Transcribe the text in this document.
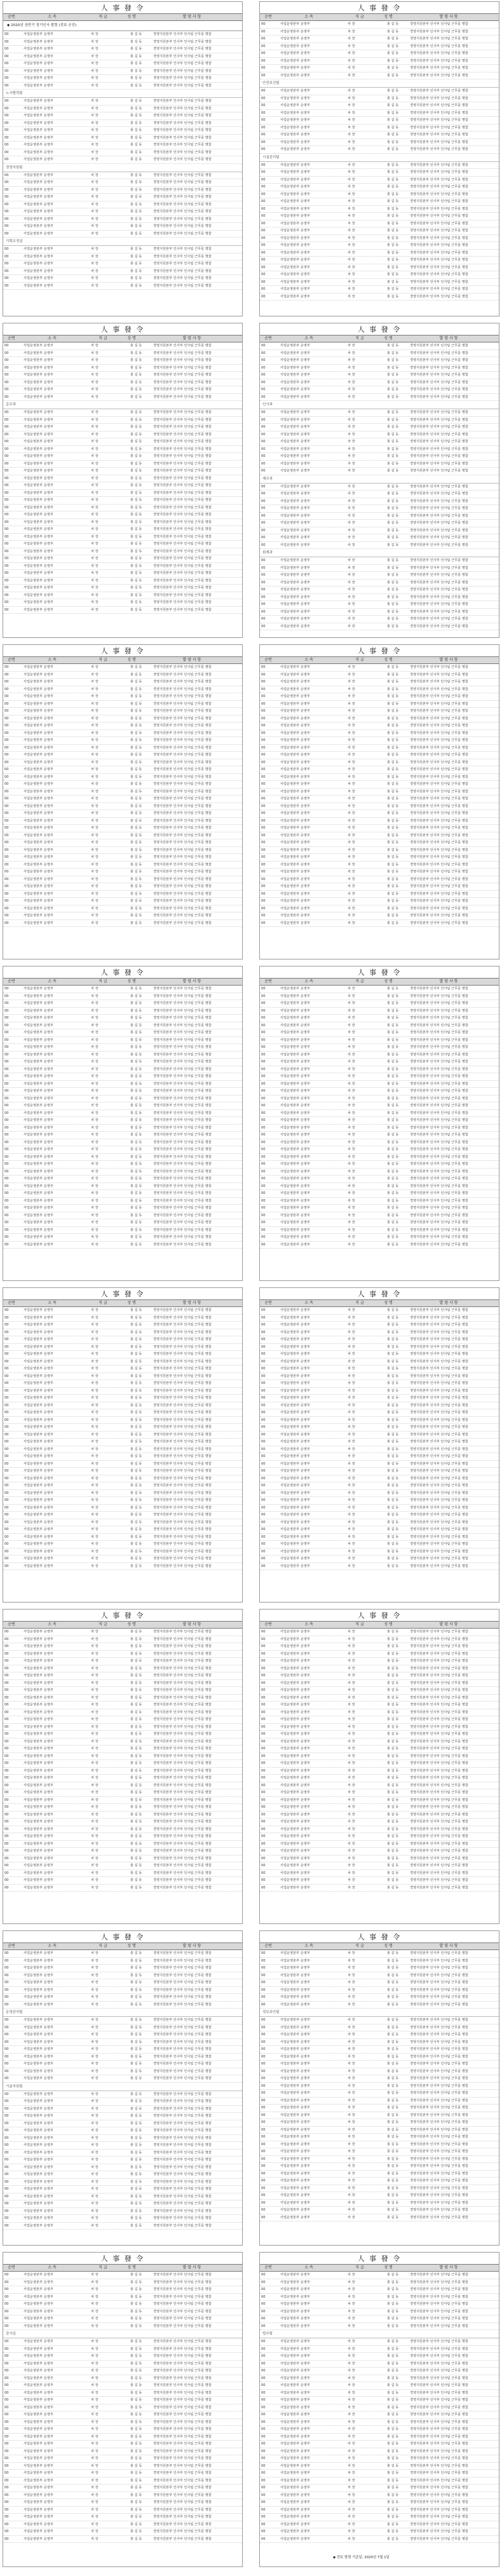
人 事 發 令
순번	소 속	직 급	성 명	발 령 사 항
◆ 2020년 상반기 정기인사 발령 (전보·승진)
00	사업운영본부 운영부	차 장	홍 길 동	경영지원본부 인사부 인사팀 근무를 명함
00	사업운영본부 운영부	차 장	홍 길 동	경영지원본부 인사부 인사팀 근무를 명함
00	사업운영본부 운영부	차 장	홍 길 동	경영지원본부 인사부 인사팀 근무를 명함
00	사업운영본부 운영부	차 장	홍 길 동	경영지원본부 인사부 인사팀 근무를 명함
00	사업운영본부 운영부	차 장	홍 길 동	경영지원본부 인사부 인사팀 근무를 명함
00	사업운영본부 운영부	차 장	홍 길 동	경영지원본부 인사부 인사팀 근무를 명함
00	사업운영본부 운영부	차 장	홍 길 동	경영지원본부 인사부 인사팀 근무를 명함
00	사업운영본부 운영부	차 장	홍 길 동	경영지원본부 인사부 인사팀 근무를 명함
노사협력팀
00	사업운영본부 운영부	차 장	홍 길 동	경영지원본부 인사부 인사팀 근무를 명함
00	사업운영본부 운영부	차 장	홍 길 동	경영지원본부 인사부 인사팀 근무를 명함
00	사업운영본부 운영부	차 장	홍 길 동	경영지원본부 인사부 인사팀 근무를 명함
00	사업운영본부 운영부	차 장	홍 길 동	경영지원본부 인사부 인사팀 근무를 명함
00	사업운영본부 운영부	차 장	홍 길 동	경영지원본부 인사부 인사팀 근무를 명함
00	사업운영본부 운영부	차 장	홍 길 동	경영지원본부 인사부 인사팀 근무를 명함
00	사업운영본부 운영부	차 장	홍 길 동	경영지원본부 인사부 인사팀 근무를 명함
00	사업운영본부 운영부	차 장	홍 길 동	경영지원본부 인사부 인사팀 근무를 명함
00	사업운영본부 운영부	차 장	홍 길 동	경영지원본부 인사부 인사팀 근무를 명함
경영지원팀
00	사업운영본부 운영부	차 장	홍 길 동	경영지원본부 인사부 인사팀 근무를 명함
00	사업운영본부 운영부	차 장	홍 길 동	경영지원본부 인사부 인사팀 근무를 명함
00	사업운영본부 운영부	차 장	홍 길 동	경영지원본부 인사부 인사팀 근무를 명함
00	사업운영본부 운영부	차 장	홍 길 동	경영지원본부 인사부 인사팀 근무를 명함
00	사업운영본부 운영부	차 장	홍 길 동	경영지원본부 인사부 인사팀 근무를 명함
00	사업운영본부 운영부	차 장	홍 길 동	경영지원본부 인사부 인사팀 근무를 명함
00	사업운영본부 운영부	차 장	홍 길 동	경영지원본부 인사부 인사팀 근무를 명함
00	사업운영본부 운영부	차 장	홍 길 동	경영지원본부 인사부 인사팀 근무를 명함
00	사업운영본부 운영부	차 장	홍 길 동	경영지원본부 인사부 인사팀 근무를 명함
기획조정실
00	사업운영본부 운영부	차 장	홍 길 동	경영지원본부 인사부 인사팀 근무를 명함
00	사업운영본부 운영부	차 장	홍 길 동	경영지원본부 인사부 인사팀 근무를 명함
00	사업운영본부 운영부	차 장	홍 길 동	경영지원본부 인사부 인사팀 근무를 명함
00	사업운영본부 운영부	차 장	홍 길 동	경영지원본부 인사부 인사팀 근무를 명함
00	사업운영본부 운영부	차 장	홍 길 동	경영지원본부 인사부 인사팀 근무를 명함
00	사업운영본부 운영부	차 장	홍 길 동	경영지원본부 인사부 인사팀 근무를 명함
人 事 發 令
순번	소 속	직 급	성 명	발 령 사 항
00	사업운영본부 운영부	차 장	홍 길 동	경영지원본부 인사부 인사팀 근무를 명함
00	사업운영본부 운영부	차 장	홍 길 동	경영지원본부 인사부 인사팀 근무를 명함
00	사업운영본부 운영부	차 장	홍 길 동	경영지원본부 인사부 인사팀 근무를 명함
00	사업운영본부 운영부	차 장	홍 길 동	경영지원본부 인사부 인사팀 근무를 명함
00	사업운영본부 운영부	차 장	홍 길 동	경영지원본부 인사부 인사팀 근무를 명함
00	사업운영본부 운영부	차 장	홍 길 동	경영지원본부 인사부 인사팀 근무를 명함
00	사업운영본부 운영부	차 장	홍 길 동	경영지원본부 인사부 인사팀 근무를 명함
00	사업운영본부 운영부	차 장	홍 길 동	경영지원본부 인사부 인사팀 근무를 명함
안전보건팀
00	사업운영본부 운영부	차 장	홍 길 동	경영지원본부 인사부 인사팀 근무를 명함
00	사업운영본부 운영부	차 장	홍 길 동	경영지원본부 인사부 인사팀 근무를 명함
00	사업운영본부 운영부	차 장	홍 길 동	경영지원본부 인사부 인사팀 근무를 명함
00	사업운영본부 운영부	차 장	홍 길 동	경영지원본부 인사부 인사팀 근무를 명함
00	사업운영본부 운영부	차 장	홍 길 동	경영지원본부 인사부 인사팀 근무를 명함
00	사업운영본부 운영부	차 장	홍 길 동	경영지원본부 인사부 인사팀 근무를 명함
00	사업운영본부 운영부	차 장	홍 길 동	경영지원본부 인사부 인사팀 근무를 명함
00	사업운영본부 운영부	차 장	홍 길 동	경영지원본부 인사부 인사팀 근무를 명함
00	사업운영본부 운영부	차 장	홍 길 동	경영지원본부 인사부 인사팀 근무를 명함
시설관리팀
00	사업운영본부 운영부	차 장	홍 길 동	경영지원본부 인사부 인사팀 근무를 명함
00	사업운영본부 운영부	차 장	홍 길 동	경영지원본부 인사부 인사팀 근무를 명함
00	사업운영본부 운영부	차 장	홍 길 동	경영지원본부 인사부 인사팀 근무를 명함
00	사업운영본부 운영부	차 장	홍 길 동	경영지원본부 인사부 인사팀 근무를 명함
00	사업운영본부 운영부	차 장	홍 길 동	경영지원본부 인사부 인사팀 근무를 명함
00	사업운영본부 운영부	차 장	홍 길 동	경영지원본부 인사부 인사팀 근무를 명함
00	사업운영본부 운영부	차 장	홍 길 동	경영지원본부 인사부 인사팀 근무를 명함
00	사업운영본부 운영부	차 장	홍 길 동	경영지원본부 인사부 인사팀 근무를 명함
00	사업운영본부 운영부	차 장	홍 길 동	경영지원본부 인사부 인사팀 근무를 명함
00	사업운영본부 운영부	차 장	홍 길 동	경영지원본부 인사부 인사팀 근무를 명함
00	사업운영본부 운영부	차 장	홍 길 동	경영지원본부 인사부 인사팀 근무를 명함
00	사업운영본부 운영부	차 장	홍 길 동	경영지원본부 인사부 인사팀 근무를 명함
00	사업운영본부 운영부	차 장	홍 길 동	경영지원본부 인사부 인사팀 근무를 명함
00	사업운영본부 운영부	차 장	홍 길 동	경영지원본부 인사부 인사팀 근무를 명함
00	사업운영본부 운영부	차 장	홍 길 동	경영지원본부 인사부 인사팀 근무를 명함
00	사업운영본부 운영부	차 장	홍 길 동	경영지원본부 인사부 인사팀 근무를 명함
00	사업운영본부 운영부	차 장	홍 길 동	경영지원본부 인사부 인사팀 근무를 명함
00	사업운영본부 운영부	차 장	홍 길 동	경영지원본부 인사부 인사팀 근무를 명함
00	사업운영본부 운영부	차 장	홍 길 동	경영지원본부 인사부 인사팀 근무를 명함
人 事 發 令
순번	소 속	직 급	성 명	발 령 사 항
00	사업운영본부 운영부	차 장	홍 길 동	경영지원본부 인사부 인사팀 근무를 명함
00	사업운영본부 운영부	차 장	홍 길 동	경영지원본부 인사부 인사팀 근무를 명함
00	사업운영본부 운영부	차 장	홍 길 동	경영지원본부 인사부 인사팀 근무를 명함
00	사업운영본부 운영부	차 장	홍 길 동	경영지원본부 인사부 인사팀 근무를 명함
00	사업운영본부 운영부	차 장	홍 길 동	경영지원본부 인사부 인사팀 근무를 명함
00	사업운영본부 운영부	차 장	홍 길 동	경영지원본부 인사부 인사팀 근무를 명함
00	사업운영본부 운영부	차 장	홍 길 동	경영지원본부 인사부 인사팀 근무를 명함
00	사업운영본부 운영부	차 장	홍 길 동	경영지원본부 인사부 인사팀 근무를 명함
총무과
00	사업운영본부 운영부	차 장	홍 길 동	경영지원본부 인사부 인사팀 근무를 명함
00	사업운영본부 운영부	차 장	홍 길 동	경영지원본부 인사부 인사팀 근무를 명함
00	사업운영본부 운영부	차 장	홍 길 동	경영지원본부 인사부 인사팀 근무를 명함
00	사업운영본부 운영부	차 장	홍 길 동	경영지원본부 인사부 인사팀 근무를 명함
00	사업운영본부 운영부	차 장	홍 길 동	경영지원본부 인사부 인사팀 근무를 명함
00	사업운영본부 운영부	차 장	홍 길 동	경영지원본부 인사부 인사팀 근무를 명함
00	사업운영본부 운영부	차 장	홍 길 동	경영지원본부 인사부 인사팀 근무를 명함
00	사업운영본부 운영부	차 장	홍 길 동	경영지원본부 인사부 인사팀 근무를 명함
00	사업운영본부 운영부	차 장	홍 길 동	경영지원본부 인사부 인사팀 근무를 명함
00	사업운영본부 운영부	차 장	홍 길 동	경영지원본부 인사부 인사팀 근무를 명함
00	사업운영본부 운영부	차 장	홍 길 동	경영지원본부 인사부 인사팀 근무를 명함
00	사업운영본부 운영부	차 장	홍 길 동	경영지원본부 인사부 인사팀 근무를 명함
00	사업운영본부 운영부	차 장	홍 길 동	경영지원본부 인사부 인사팀 근무를 명함
00	사업운영본부 운영부	차 장	홍 길 동	경영지원본부 인사부 인사팀 근무를 명함
00	사업운영본부 운영부	차 장	홍 길 동	경영지원본부 인사부 인사팀 근무를 명함
00	사업운영본부 운영부	차 장	홍 길 동	경영지원본부 인사부 인사팀 근무를 명함
00	사업운영본부 운영부	차 장	홍 길 동	경영지원본부 인사부 인사팀 근무를 명함
00	사업운영본부 운영부	차 장	홍 길 동	경영지원본부 인사부 인사팀 근무를 명함
00	사업운영본부 운영부	차 장	홍 길 동	경영지원본부 인사부 인사팀 근무를 명함
00	사업운영본부 운영부	차 장	홍 길 동	경영지원본부 인사부 인사팀 근무를 명함
00	사업운영본부 운영부	차 장	홍 길 동	경영지원본부 인사부 인사팀 근무를 명함
00	사업운영본부 운영부	차 장	홍 길 동	경영지원본부 인사부 인사팀 근무를 명함
00	사업운영본부 운영부	차 장	홍 길 동	경영지원본부 인사부 인사팀 근무를 명함
00	사업운영본부 운영부	차 장	홍 길 동	경영지원본부 인사부 인사팀 근무를 명함
00	사업운영본부 운영부	차 장	홍 길 동	경영지원본부 인사부 인사팀 근무를 명함
00	사업운영본부 운영부	차 장	홍 길 동	경영지원본부 인사부 인사팀 근무를 명함
00	사업운영본부 운영부	차 장	홍 길 동	경영지원본부 인사부 인사팀 근무를 명함
00	사업운영본부 운영부	차 장	홍 길 동	경영지원본부 인사부 인사팀 근무를 명함
人 事 發 令
순번	소 속	직 급	성 명	발 령 사 항
00	사업운영본부 운영부	차 장	홍 길 동	경영지원본부 인사부 인사팀 근무를 명함
00	사업운영본부 운영부	차 장	홍 길 동	경영지원본부 인사부 인사팀 근무를 명함
00	사업운영본부 운영부	차 장	홍 길 동	경영지원본부 인사부 인사팀 근무를 명함
00	사업운영본부 운영부	차 장	홍 길 동	경영지원본부 인사부 인사팀 근무를 명함
00	사업운영본부 운영부	차 장	홍 길 동	경영지원본부 인사부 인사팀 근무를 명함
00	사업운영본부 운영부	차 장	홍 길 동	경영지원본부 인사부 인사팀 근무를 명함
00	사업운영본부 운영부	차 장	홍 길 동	경영지원본부 인사부 인사팀 근무를 명함
00	사업운영본부 운영부	차 장	홍 길 동	경영지원본부 인사부 인사팀 근무를 명함
인사과
00	사업운영본부 운영부	차 장	홍 길 동	경영지원본부 인사부 인사팀 근무를 명함
00	사업운영본부 운영부	차 장	홍 길 동	경영지원본부 인사부 인사팀 근무를 명함
00	사업운영본부 운영부	차 장	홍 길 동	경영지원본부 인사부 인사팀 근무를 명함
00	사업운영본부 운영부	차 장	홍 길 동	경영지원본부 인사부 인사팀 근무를 명함
00	사업운영본부 운영부	차 장	홍 길 동	경영지원본부 인사부 인사팀 근무를 명함
00	사업운영본부 운영부	차 장	홍 길 동	경영지원본부 인사부 인사팀 근무를 명함
00	사업운영본부 운영부	차 장	홍 길 동	경영지원본부 인사부 인사팀 근무를 명함
00	사업운영본부 운영부	차 장	홍 길 동	경영지원본부 인사부 인사팀 근무를 명함
00	사업운영본부 운영부	차 장	홍 길 동	경영지원본부 인사부 인사팀 근무를 명함
재무과
00	사업운영본부 운영부	차 장	홍 길 동	경영지원본부 인사부 인사팀 근무를 명함
00	사업운영본부 운영부	차 장	홍 길 동	경영지원본부 인사부 인사팀 근무를 명함
00	사업운영본부 운영부	차 장	홍 길 동	경영지원본부 인사부 인사팀 근무를 명함
00	사업운영본부 운영부	차 장	홍 길 동	경영지원본부 인사부 인사팀 근무를 명함
00	사업운영본부 운영부	차 장	홍 길 동	경영지원본부 인사부 인사팀 근무를 명함
00	사업운영본부 운영부	차 장	홍 길 동	경영지원본부 인사부 인사팀 근무를 명함
00	사업운영본부 운영부	차 장	홍 길 동	경영지원본부 인사부 인사팀 근무를 명함
00	사업운영본부 운영부	차 장	홍 길 동	경영지원본부 인사부 인사팀 근무를 명함
00	사업운영본부 운영부	차 장	홍 길 동	경영지원본부 인사부 인사팀 근무를 명함
회계과
00	사업운영본부 운영부	차 장	홍 길 동	경영지원본부 인사부 인사팀 근무를 명함
00	사업운영본부 운영부	차 장	홍 길 동	경영지원본부 인사부 인사팀 근무를 명함
00	사업운영본부 운영부	차 장	홍 길 동	경영지원본부 인사부 인사팀 근무를 명함
00	사업운영본부 운영부	차 장	홍 길 동	경영지원본부 인사부 인사팀 근무를 명함
00	사업운영본부 운영부	차 장	홍 길 동	경영지원본부 인사부 인사팀 근무를 명함
00	사업운영본부 운영부	차 장	홍 길 동	경영지원본부 인사부 인사팀 근무를 명함
00	사업운영본부 운영부	차 장	홍 길 동	경영지원본부 인사부 인사팀 근무를 명함
00	사업운영본부 운영부	차 장	홍 길 동	경영지원본부 인사부 인사팀 근무를 명함
00	사업운영본부 운영부	차 장	홍 길 동	경영지원본부 인사부 인사팀 근무를 명함
00	사업운영본부 운영부	차 장	홍 길 동	경영지원본부 인사부 인사팀 근무를 명함
人 事 發 令
순번	소 속	직 급	성 명	발 령 사 항
00	사업운영본부 운영부	차 장	홍 길 동	경영지원본부 인사부 인사팀 근무를 명함
00	사업운영본부 운영부	차 장	홍 길 동	경영지원본부 인사부 인사팀 근무를 명함
00	사업운영본부 운영부	차 장	홍 길 동	경영지원본부 인사부 인사팀 근무를 명함
00	사업운영본부 운영부	차 장	홍 길 동	경영지원본부 인사부 인사팀 근무를 명함
00	사업운영본부 운영부	차 장	홍 길 동	경영지원본부 인사부 인사팀 근무를 명함
00	사업운영본부 운영부	차 장	홍 길 동	경영지원본부 인사부 인사팀 근무를 명함
00	사업운영본부 운영부	차 장	홍 길 동	경영지원본부 인사부 인사팀 근무를 명함
00	사업운영본부 운영부	차 장	홍 길 동	경영지원본부 인사부 인사팀 근무를 명함
00	사업운영본부 운영부	차 장	홍 길 동	경영지원본부 인사부 인사팀 근무를 명함
00	사업운영본부 운영부	차 장	홍 길 동	경영지원본부 인사부 인사팀 근무를 명함
00	사업운영본부 운영부	차 장	홍 길 동	경영지원본부 인사부 인사팀 근무를 명함
00	사업운영본부 운영부	차 장	홍 길 동	경영지원본부 인사부 인사팀 근무를 명함
00	사업운영본부 운영부	차 장	홍 길 동	경영지원본부 인사부 인사팀 근무를 명함
00	사업운영본부 운영부	차 장	홍 길 동	경영지원본부 인사부 인사팀 근무를 명함
00	사업운영본부 운영부	차 장	홍 길 동	경영지원본부 인사부 인사팀 근무를 명함
00	사업운영본부 운영부	차 장	홍 길 동	경영지원본부 인사부 인사팀 근무를 명함
00	사업운영본부 운영부	차 장	홍 길 동	경영지원본부 인사부 인사팀 근무를 명함
00	사업운영본부 운영부	차 장	홍 길 동	경영지원본부 인사부 인사팀 근무를 명함
00	사업운영본부 운영부	차 장	홍 길 동	경영지원본부 인사부 인사팀 근무를 명함
00	사업운영본부 운영부	차 장	홍 길 동	경영지원본부 인사부 인사팀 근무를 명함
00	사업운영본부 운영부	차 장	홍 길 동	경영지원본부 인사부 인사팀 근무를 명함
00	사업운영본부 운영부	차 장	홍 길 동	경영지원본부 인사부 인사팀 근무를 명함
00	사업운영본부 운영부	차 장	홍 길 동	경영지원본부 인사부 인사팀 근무를 명함
00	사업운영본부 운영부	차 장	홍 길 동	경영지원본부 인사부 인사팀 근무를 명함
00	사업운영본부 운영부	차 장	홍 길 동	경영지원본부 인사부 인사팀 근무를 명함
00	사업운영본부 운영부	차 장	홍 길 동	경영지원본부 인사부 인사팀 근무를 명함
00	사업운영본부 운영부	차 장	홍 길 동	경영지원본부 인사부 인사팀 근무를 명함
00	사업운영본부 운영부	차 장	홍 길 동	경영지원본부 인사부 인사팀 근무를 명함
00	사업운영본부 운영부	차 장	홍 길 동	경영지원본부 인사부 인사팀 근무를 명함
00	사업운영본부 운영부	차 장	홍 길 동	경영지원본부 인사부 인사팀 근무를 명함
00	사업운영본부 운영부	차 장	홍 길 동	경영지원본부 인사부 인사팀 근무를 명함
00	사업운영본부 운영부	차 장	홍 길 동	경영지원본부 인사부 인사팀 근무를 명함
00	사업운영본부 운영부	차 장	홍 길 동	경영지원본부 인사부 인사팀 근무를 명함
00	사업운영본부 운영부	차 장	홍 길 동	경영지원본부 인사부 인사팀 근무를 명함
00	사업운영본부 운영부	차 장	홍 길 동	경영지원본부 인사부 인사팀 근무를 명함
00	사업운영본부 운영부	차 장	홍 길 동	경영지원본부 인사부 인사팀 근무를 명함
人 事 發 令
순번	소 속	직 급	성 명	발 령 사 항
00	사업운영본부 운영부	차 장	홍 길 동	경영지원본부 인사부 인사팀 근무를 명함
00	사업운영본부 운영부	차 장	홍 길 동	경영지원본부 인사부 인사팀 근무를 명함
00	사업운영본부 운영부	차 장	홍 길 동	경영지원본부 인사부 인사팀 근무를 명함
00	사업운영본부 운영부	차 장	홍 길 동	경영지원본부 인사부 인사팀 근무를 명함
00	사업운영본부 운영부	차 장	홍 길 동	경영지원본부 인사부 인사팀 근무를 명함
00	사업운영본부 운영부	차 장	홍 길 동	경영지원본부 인사부 인사팀 근무를 명함
00	사업운영본부 운영부	차 장	홍 길 동	경영지원본부 인사부 인사팀 근무를 명함
00	사업운영본부 운영부	차 장	홍 길 동	경영지원본부 인사부 인사팀 근무를 명함
00	사업운영본부 운영부	차 장	홍 길 동	경영지원본부 인사부 인사팀 근무를 명함
00	사업운영본부 운영부	차 장	홍 길 동	경영지원본부 인사부 인사팀 근무를 명함
00	사업운영본부 운영부	차 장	홍 길 동	경영지원본부 인사부 인사팀 근무를 명함
00	사업운영본부 운영부	차 장	홍 길 동	경영지원본부 인사부 인사팀 근무를 명함
00	사업운영본부 운영부	차 장	홍 길 동	경영지원본부 인사부 인사팀 근무를 명함
00	사업운영본부 운영부	차 장	홍 길 동	경영지원본부 인사부 인사팀 근무를 명함
00	사업운영본부 운영부	차 장	홍 길 동	경영지원본부 인사부 인사팀 근무를 명함
00	사업운영본부 운영부	차 장	홍 길 동	경영지원본부 인사부 인사팀 근무를 명함
00	사업운영본부 운영부	차 장	홍 길 동	경영지원본부 인사부 인사팀 근무를 명함
00	사업운영본부 운영부	차 장	홍 길 동	경영지원본부 인사부 인사팀 근무를 명함
00	사업운영본부 운영부	차 장	홍 길 동	경영지원본부 인사부 인사팀 근무를 명함
00	사업운영본부 운영부	차 장	홍 길 동	경영지원본부 인사부 인사팀 근무를 명함
00	사업운영본부 운영부	차 장	홍 길 동	경영지원본부 인사부 인사팀 근무를 명함
00	사업운영본부 운영부	차 장	홍 길 동	경영지원본부 인사부 인사팀 근무를 명함
00	사업운영본부 운영부	차 장	홍 길 동	경영지원본부 인사부 인사팀 근무를 명함
00	사업운영본부 운영부	차 장	홍 길 동	경영지원본부 인사부 인사팀 근무를 명함
00	사업운영본부 운영부	차 장	홍 길 동	경영지원본부 인사부 인사팀 근무를 명함
00	사업운영본부 운영부	차 장	홍 길 동	경영지원본부 인사부 인사팀 근무를 명함
00	사업운영본부 운영부	차 장	홍 길 동	경영지원본부 인사부 인사팀 근무를 명함
00	사업운영본부 운영부	차 장	홍 길 동	경영지원본부 인사부 인사팀 근무를 명함
00	사업운영본부 운영부	차 장	홍 길 동	경영지원본부 인사부 인사팀 근무를 명함
00	사업운영본부 운영부	차 장	홍 길 동	경영지원본부 인사부 인사팀 근무를 명함
00	사업운영본부 운영부	차 장	홍 길 동	경영지원본부 인사부 인사팀 근무를 명함
00	사업운영본부 운영부	차 장	홍 길 동	경영지원본부 인사부 인사팀 근무를 명함
00	사업운영본부 운영부	차 장	홍 길 동	경영지원본부 인사부 인사팀 근무를 명함
00	사업운영본부 운영부	차 장	홍 길 동	경영지원본부 인사부 인사팀 근무를 명함
00	사업운영본부 운영부	차 장	홍 길 동	경영지원본부 인사부 인사팀 근무를 명함
00	사업운영본부 운영부	차 장	홍 길 동	경영지원본부 인사부 인사팀 근무를 명함
人 事 發 令
순번	소 속	직 급	성 명	발 령 사 항
00	사업운영본부 운영부	차 장	홍 길 동	경영지원본부 인사부 인사팀 근무를 명함
00	사업운영본부 운영부	차 장	홍 길 동	경영지원본부 인사부 인사팀 근무를 명함
00	사업운영본부 운영부	차 장	홍 길 동	경영지원본부 인사부 인사팀 근무를 명함
00	사업운영본부 운영부	차 장	홍 길 동	경영지원본부 인사부 인사팀 근무를 명함
00	사업운영본부 운영부	차 장	홍 길 동	경영지원본부 인사부 인사팀 근무를 명함
00	사업운영본부 운영부	차 장	홍 길 동	경영지원본부 인사부 인사팀 근무를 명함
00	사업운영본부 운영부	차 장	홍 길 동	경영지원본부 인사부 인사팀 근무를 명함
00	사업운영본부 운영부	차 장	홍 길 동	경영지원본부 인사부 인사팀 근무를 명함
00	사업운영본부 운영부	차 장	홍 길 동	경영지원본부 인사부 인사팀 근무를 명함
00	사업운영본부 운영부	차 장	홍 길 동	경영지원본부 인사부 인사팀 근무를 명함
00	사업운영본부 운영부	차 장	홍 길 동	경영지원본부 인사부 인사팀 근무를 명함
00	사업운영본부 운영부	차 장	홍 길 동	경영지원본부 인사부 인사팀 근무를 명함
00	사업운영본부 운영부	차 장	홍 길 동	경영지원본부 인사부 인사팀 근무를 명함
00	사업운영본부 운영부	차 장	홍 길 동	경영지원본부 인사부 인사팀 근무를 명함
00	사업운영본부 운영부	차 장	홍 길 동	경영지원본부 인사부 인사팀 근무를 명함
00	사업운영본부 운영부	차 장	홍 길 동	경영지원본부 인사부 인사팀 근무를 명함
00	사업운영본부 운영부	차 장	홍 길 동	경영지원본부 인사부 인사팀 근무를 명함
00	사업운영본부 운영부	차 장	홍 길 동	경영지원본부 인사부 인사팀 근무를 명함
00	사업운영본부 운영부	차 장	홍 길 동	경영지원본부 인사부 인사팀 근무를 명함
00	사업운영본부 운영부	차 장	홍 길 동	경영지원본부 인사부 인사팀 근무를 명함
00	사업운영본부 운영부	차 장	홍 길 동	경영지원본부 인사부 인사팀 근무를 명함
00	사업운영본부 운영부	차 장	홍 길 동	경영지원본부 인사부 인사팀 근무를 명함
00	사업운영본부 운영부	차 장	홍 길 동	경영지원본부 인사부 인사팀 근무를 명함
00	사업운영본부 운영부	차 장	홍 길 동	경영지원본부 인사부 인사팀 근무를 명함
00	사업운영본부 운영부	차 장	홍 길 동	경영지원본부 인사부 인사팀 근무를 명함
00	사업운영본부 운영부	차 장	홍 길 동	경영지원본부 인사부 인사팀 근무를 명함
00	사업운영본부 운영부	차 장	홍 길 동	경영지원본부 인사부 인사팀 근무를 명함
00	사업운영본부 운영부	차 장	홍 길 동	경영지원본부 인사부 인사팀 근무를 명함
00	사업운영본부 운영부	차 장	홍 길 동	경영지원본부 인사부 인사팀 근무를 명함
00	사업운영본부 운영부	차 장	홍 길 동	경영지원본부 인사부 인사팀 근무를 명함
00	사업운영본부 운영부	차 장	홍 길 동	경영지원본부 인사부 인사팀 근무를 명함
00	사업운영본부 운영부	차 장	홍 길 동	경영지원본부 인사부 인사팀 근무를 명함
00	사업운영본부 운영부	차 장	홍 길 동	경영지원본부 인사부 인사팀 근무를 명함
00	사업운영본부 운영부	차 장	홍 길 동	경영지원본부 인사부 인사팀 근무를 명함
00	사업운영본부 운영부	차 장	홍 길 동	경영지원본부 인사부 인사팀 근무를 명함
00	사업운영본부 운영부	차 장	홍 길 동	경영지원본부 인사부 인사팀 근무를 명함
人 事 發 令
순번	소 속	직 급	성 명	발 령 사 항
00	사업운영본부 운영부	차 장	홍 길 동	경영지원본부 인사부 인사팀 근무를 명함
00	사업운영본부 운영부	차 장	홍 길 동	경영지원본부 인사부 인사팀 근무를 명함
00	사업운영본부 운영부	차 장	홍 길 동	경영지원본부 인사부 인사팀 근무를 명함
00	사업운영본부 운영부	차 장	홍 길 동	경영지원본부 인사부 인사팀 근무를 명함
00	사업운영본부 운영부	차 장	홍 길 동	경영지원본부 인사부 인사팀 근무를 명함
00	사업운영본부 운영부	차 장	홍 길 동	경영지원본부 인사부 인사팀 근무를 명함
00	사업운영본부 운영부	차 장	홍 길 동	경영지원본부 인사부 인사팀 근무를 명함
00	사업운영본부 운영부	차 장	홍 길 동	경영지원본부 인사부 인사팀 근무를 명함
00	사업운영본부 운영부	차 장	홍 길 동	경영지원본부 인사부 인사팀 근무를 명함
00	사업운영본부 운영부	차 장	홍 길 동	경영지원본부 인사부 인사팀 근무를 명함
00	사업운영본부 운영부	차 장	홍 길 동	경영지원본부 인사부 인사팀 근무를 명함
00	사업운영본부 운영부	차 장	홍 길 동	경영지원본부 인사부 인사팀 근무를 명함
00	사업운영본부 운영부	차 장	홍 길 동	경영지원본부 인사부 인사팀 근무를 명함
00	사업운영본부 운영부	차 장	홍 길 동	경영지원본부 인사부 인사팀 근무를 명함
00	사업운영본부 운영부	차 장	홍 길 동	경영지원본부 인사부 인사팀 근무를 명함
00	사업운영본부 운영부	차 장	홍 길 동	경영지원본부 인사부 인사팀 근무를 명함
00	사업운영본부 운영부	차 장	홍 길 동	경영지원본부 인사부 인사팀 근무를 명함
00	사업운영본부 운영부	차 장	홍 길 동	경영지원본부 인사부 인사팀 근무를 명함
00	사업운영본부 운영부	차 장	홍 길 동	경영지원본부 인사부 인사팀 근무를 명함
00	사업운영본부 운영부	차 장	홍 길 동	경영지원본부 인사부 인사팀 근무를 명함
00	사업운영본부 운영부	차 장	홍 길 동	경영지원본부 인사부 인사팀 근무를 명함
00	사업운영본부 운영부	차 장	홍 길 동	경영지원본부 인사부 인사팀 근무를 명함
00	사업운영본부 운영부	차 장	홍 길 동	경영지원본부 인사부 인사팀 근무를 명함
00	사업운영본부 운영부	차 장	홍 길 동	경영지원본부 인사부 인사팀 근무를 명함
00	사업운영본부 운영부	차 장	홍 길 동	경영지원본부 인사부 인사팀 근무를 명함
00	사업운영본부 운영부	차 장	홍 길 동	경영지원본부 인사부 인사팀 근무를 명함
00	사업운영본부 운영부	차 장	홍 길 동	경영지원본부 인사부 인사팀 근무를 명함
00	사업운영본부 운영부	차 장	홍 길 동	경영지원본부 인사부 인사팀 근무를 명함
00	사업운영본부 운영부	차 장	홍 길 동	경영지원본부 인사부 인사팀 근무를 명함
00	사업운영본부 운영부	차 장	홍 길 동	경영지원본부 인사부 인사팀 근무를 명함
00	사업운영본부 운영부	차 장	홍 길 동	경영지원본부 인사부 인사팀 근무를 명함
00	사업운영본부 운영부	차 장	홍 길 동	경영지원본부 인사부 인사팀 근무를 명함
00	사업운영본부 운영부	차 장	홍 길 동	경영지원본부 인사부 인사팀 근무를 명함
00	사업운영본부 운영부	차 장	홍 길 동	경영지원본부 인사부 인사팀 근무를 명함
00	사업운영본부 운영부	차 장	홍 길 동	경영지원본부 인사부 인사팀 근무를 명함
00	사업운영본부 운영부	차 장	홍 길 동	경영지원본부 인사부 인사팀 근무를 명함
人 事 發 令
순번	소 속	직 급	성 명	발 령 사 항
00	사업운영본부 운영부	차 장	홍 길 동	경영지원본부 인사부 인사팀 근무를 명함
00	사업운영본부 운영부	차 장	홍 길 동	경영지원본부 인사부 인사팀 근무를 명함
00	사업운영본부 운영부	차 장	홍 길 동	경영지원본부 인사부 인사팀 근무를 명함
00	사업운영본부 운영부	차 장	홍 길 동	경영지원본부 인사부 인사팀 근무를 명함
00	사업운영본부 운영부	차 장	홍 길 동	경영지원본부 인사부 인사팀 근무를 명함
00	사업운영본부 운영부	차 장	홍 길 동	경영지원본부 인사부 인사팀 근무를 명함
00	사업운영본부 운영부	차 장	홍 길 동	경영지원본부 인사부 인사팀 근무를 명함
00	사업운영본부 운영부	차 장	홍 길 동	경영지원본부 인사부 인사팀 근무를 명함
00	사업운영본부 운영부	차 장	홍 길 동	경영지원본부 인사부 인사팀 근무를 명함
00	사업운영본부 운영부	차 장	홍 길 동	경영지원본부 인사부 인사팀 근무를 명함
00	사업운영본부 운영부	차 장	홍 길 동	경영지원본부 인사부 인사팀 근무를 명함
00	사업운영본부 운영부	차 장	홍 길 동	경영지원본부 인사부 인사팀 근무를 명함
00	사업운영본부 운영부	차 장	홍 길 동	경영지원본부 인사부 인사팀 근무를 명함
00	사업운영본부 운영부	차 장	홍 길 동	경영지원본부 인사부 인사팀 근무를 명함
00	사업운영본부 운영부	차 장	홍 길 동	경영지원본부 인사부 인사팀 근무를 명함
00	사업운영본부 운영부	차 장	홍 길 동	경영지원본부 인사부 인사팀 근무를 명함
00	사업운영본부 운영부	차 장	홍 길 동	경영지원본부 인사부 인사팀 근무를 명함
00	사업운영본부 운영부	차 장	홍 길 동	경영지원본부 인사부 인사팀 근무를 명함
00	사업운영본부 운영부	차 장	홍 길 동	경영지원본부 인사부 인사팀 근무를 명함
00	사업운영본부 운영부	차 장	홍 길 동	경영지원본부 인사부 인사팀 근무를 명함
00	사업운영본부 운영부	차 장	홍 길 동	경영지원본부 인사부 인사팀 근무를 명함
00	사업운영본부 운영부	차 장	홍 길 동	경영지원본부 인사부 인사팀 근무를 명함
00	사업운영본부 운영부	차 장	홍 길 동	경영지원본부 인사부 인사팀 근무를 명함
00	사업운영본부 운영부	차 장	홍 길 동	경영지원본부 인사부 인사팀 근무를 명함
00	사업운영본부 운영부	차 장	홍 길 동	경영지원본부 인사부 인사팀 근무를 명함
00	사업운영본부 운영부	차 장	홍 길 동	경영지원본부 인사부 인사팀 근무를 명함
00	사업운영본부 운영부	차 장	홍 길 동	경영지원본부 인사부 인사팀 근무를 명함
00	사업운영본부 운영부	차 장	홍 길 동	경영지원본부 인사부 인사팀 근무를 명함
00	사업운영본부 운영부	차 장	홍 길 동	경영지원본부 인사부 인사팀 근무를 명함
00	사업운영본부 운영부	차 장	홍 길 동	경영지원본부 인사부 인사팀 근무를 명함
00	사업운영본부 운영부	차 장	홍 길 동	경영지원본부 인사부 인사팀 근무를 명함
00	사업운영본부 운영부	차 장	홍 길 동	경영지원본부 인사부 인사팀 근무를 명함
00	사업운영본부 운영부	차 장	홍 길 동	경영지원본부 인사부 인사팀 근무를 명함
00	사업운영본부 운영부	차 장	홍 길 동	경영지원본부 인사부 인사팀 근무를 명함
00	사업운영본부 운영부	차 장	홍 길 동	경영지원본부 인사부 인사팀 근무를 명함
00	사업운영본부 운영부	차 장	홍 길 동	경영지원본부 인사부 인사팀 근무를 명함
人 事 發 令
순번	소 속	직 급	성 명	발 령 사 항
00	사업운영본부 운영부	차 장	홍 길 동	경영지원본부 인사부 인사팀 근무를 명함
00	사업운영본부 운영부	차 장	홍 길 동	경영지원본부 인사부 인사팀 근무를 명함
00	사업운영본부 운영부	차 장	홍 길 동	경영지원본부 인사부 인사팀 근무를 명함
00	사업운영본부 운영부	차 장	홍 길 동	경영지원본부 인사부 인사팀 근무를 명함
00	사업운영본부 운영부	차 장	홍 길 동	경영지원본부 인사부 인사팀 근무를 명함
00	사업운영본부 운영부	차 장	홍 길 동	경영지원본부 인사부 인사팀 근무를 명함
00	사업운영본부 운영부	차 장	홍 길 동	경영지원본부 인사부 인사팀 근무를 명함
00	사업운영본부 운영부	차 장	홍 길 동	경영지원본부 인사부 인사팀 근무를 명함
00	사업운영본부 운영부	차 장	홍 길 동	경영지원본부 인사부 인사팀 근무를 명함
00	사업운영본부 운영부	차 장	홍 길 동	경영지원본부 인사부 인사팀 근무를 명함
00	사업운영본부 운영부	차 장	홍 길 동	경영지원본부 인사부 인사팀 근무를 명함
00	사업운영본부 운영부	차 장	홍 길 동	경영지원본부 인사부 인사팀 근무를 명함
00	사업운영본부 운영부	차 장	홍 길 동	경영지원본부 인사부 인사팀 근무를 명함
00	사업운영본부 운영부	차 장	홍 길 동	경영지원본부 인사부 인사팀 근무를 명함
00	사업운영본부 운영부	차 장	홍 길 동	경영지원본부 인사부 인사팀 근무를 명함
00	사업운영본부 운영부	차 장	홍 길 동	경영지원본부 인사부 인사팀 근무를 명함
00	사업운영본부 운영부	차 장	홍 길 동	경영지원본부 인사부 인사팀 근무를 명함
00	사업운영본부 운영부	차 장	홍 길 동	경영지원본부 인사부 인사팀 근무를 명함
00	사업운영본부 운영부	차 장	홍 길 동	경영지원본부 인사부 인사팀 근무를 명함
00	사업운영본부 운영부	차 장	홍 길 동	경영지원본부 인사부 인사팀 근무를 명함
00	사업운영본부 운영부	차 장	홍 길 동	경영지원본부 인사부 인사팀 근무를 명함
00	사업운영본부 운영부	차 장	홍 길 동	경영지원본부 인사부 인사팀 근무를 명함
00	사업운영본부 운영부	차 장	홍 길 동	경영지원본부 인사부 인사팀 근무를 명함
00	사업운영본부 운영부	차 장	홍 길 동	경영지원본부 인사부 인사팀 근무를 명함
00	사업운영본부 운영부	차 장	홍 길 동	경영지원본부 인사부 인사팀 근무를 명함
00	사업운영본부 운영부	차 장	홍 길 동	경영지원본부 인사부 인사팀 근무를 명함
00	사업운영본부 운영부	차 장	홍 길 동	경영지원본부 인사부 인사팀 근무를 명함
00	사업운영본부 운영부	차 장	홍 길 동	경영지원본부 인사부 인사팀 근무를 명함
00	사업운영본부 운영부	차 장	홍 길 동	경영지원본부 인사부 인사팀 근무를 명함
00	사업운영본부 운영부	차 장	홍 길 동	경영지원본부 인사부 인사팀 근무를 명함
00	사업운영본부 운영부	차 장	홍 길 동	경영지원본부 인사부 인사팀 근무를 명함
00	사업운영본부 운영부	차 장	홍 길 동	경영지원본부 인사부 인사팀 근무를 명함
00	사업운영본부 운영부	차 장	홍 길 동	경영지원본부 인사부 인사팀 근무를 명함
00	사업운영본부 운영부	차 장	홍 길 동	경영지원본부 인사부 인사팀 근무를 명함
00	사업운영본부 운영부	차 장	홍 길 동	경영지원본부 인사부 인사팀 근무를 명함
00	사업운영본부 운영부	차 장	홍 길 동	경영지원본부 인사부 인사팀 근무를 명함
人 事 發 令
순번	소 속	직 급	성 명	발 령 사 항
00	사업운영본부 운영부	차 장	홍 길 동	경영지원본부 인사부 인사팀 근무를 명함
00	사업운영본부 운영부	차 장	홍 길 동	경영지원본부 인사부 인사팀 근무를 명함
00	사업운영본부 운영부	차 장	홍 길 동	경영지원본부 인사부 인사팀 근무를 명함
00	사업운영본부 운영부	차 장	홍 길 동	경영지원본부 인사부 인사팀 근무를 명함
00	사업운영본부 운영부	차 장	홍 길 동	경영지원본부 인사부 인사팀 근무를 명함
00	사업운영본부 운영부	차 장	홍 길 동	경영지원본부 인사부 인사팀 근무를 명함
00	사업운영본부 운영부	차 장	홍 길 동	경영지원본부 인사부 인사팀 근무를 명함
00	사업운영본부 운영부	차 장	홍 길 동	경영지원본부 인사부 인사팀 근무를 명함
00	사업운영본부 운영부	차 장	홍 길 동	경영지원본부 인사부 인사팀 근무를 명함
00	사업운영본부 운영부	차 장	홍 길 동	경영지원본부 인사부 인사팀 근무를 명함
00	사업운영본부 운영부	차 장	홍 길 동	경영지원본부 인사부 인사팀 근무를 명함
00	사업운영본부 운영부	차 장	홍 길 동	경영지원본부 인사부 인사팀 근무를 명함
00	사업운영본부 운영부	차 장	홍 길 동	경영지원본부 인사부 인사팀 근무를 명함
00	사업운영본부 운영부	차 장	홍 길 동	경영지원본부 인사부 인사팀 근무를 명함
00	사업운영본부 운영부	차 장	홍 길 동	경영지원본부 인사부 인사팀 근무를 명함
00	사업운영본부 운영부	차 장	홍 길 동	경영지원본부 인사부 인사팀 근무를 명함
00	사업운영본부 운영부	차 장	홍 길 동	경영지원본부 인사부 인사팀 근무를 명함
00	사업운영본부 운영부	차 장	홍 길 동	경영지원본부 인사부 인사팀 근무를 명함
00	사업운영본부 운영부	차 장	홍 길 동	경영지원본부 인사부 인사팀 근무를 명함
00	사업운영본부 운영부	차 장	홍 길 동	경영지원본부 인사부 인사팀 근무를 명함
00	사업운영본부 운영부	차 장	홍 길 동	경영지원본부 인사부 인사팀 근무를 명함
00	사업운영본부 운영부	차 장	홍 길 동	경영지원본부 인사부 인사팀 근무를 명함
00	사업운영본부 운영부	차 장	홍 길 동	경영지원본부 인사부 인사팀 근무를 명함
00	사업운영본부 운영부	차 장	홍 길 동	경영지원본부 인사부 인사팀 근무를 명함
00	사업운영본부 운영부	차 장	홍 길 동	경영지원본부 인사부 인사팀 근무를 명함
00	사업운영본부 운영부	차 장	홍 길 동	경영지원본부 인사부 인사팀 근무를 명함
00	사업운영본부 운영부	차 장	홍 길 동	경영지원본부 인사부 인사팀 근무를 명함
00	사업운영본부 운영부	차 장	홍 길 동	경영지원본부 인사부 인사팀 근무를 명함
00	사업운영본부 운영부	차 장	홍 길 동	경영지원본부 인사부 인사팀 근무를 명함
00	사업운영본부 운영부	차 장	홍 길 동	경영지원본부 인사부 인사팀 근무를 명함
00	사업운영본부 운영부	차 장	홍 길 동	경영지원본부 인사부 인사팀 근무를 명함
00	사업운영본부 운영부	차 장	홍 길 동	경영지원본부 인사부 인사팀 근무를 명함
00	사업운영본부 운영부	차 장	홍 길 동	경영지원본부 인사부 인사팀 근무를 명함
00	사업운영본부 운영부	차 장	홍 길 동	경영지원본부 인사부 인사팀 근무를 명함
00	사업운영본부 운영부	차 장	홍 길 동	경영지원본부 인사부 인사팀 근무를 명함
00	사업운영본부 운영부	차 장	홍 길 동	경영지원본부 인사부 인사팀 근무를 명함
人 事 發 令
순번	소 속	직 급	성 명	발 령 사 항
00	사업운영본부 운영부	차 장	홍 길 동	경영지원본부 인사부 인사팀 근무를 명함
00	사업운영본부 운영부	차 장	홍 길 동	경영지원본부 인사부 인사팀 근무를 명함
00	사업운영본부 운영부	차 장	홍 길 동	경영지원본부 인사부 인사팀 근무를 명함
00	사업운영본부 운영부	차 장	홍 길 동	경영지원본부 인사부 인사팀 근무를 명함
00	사업운영본부 운영부	차 장	홍 길 동	경영지원본부 인사부 인사팀 근무를 명함
00	사업운영본부 운영부	차 장	홍 길 동	경영지원본부 인사부 인사팀 근무를 명함
00	사업운영본부 운영부	차 장	홍 길 동	경영지원본부 인사부 인사팀 근무를 명함
00	사업운영본부 운영부	차 장	홍 길 동	경영지원본부 인사부 인사팀 근무를 명함
00	사업운영본부 운영부	차 장	홍 길 동	경영지원본부 인사부 인사팀 근무를 명함
00	사업운영본부 운영부	차 장	홍 길 동	경영지원본부 인사부 인사팀 근무를 명함
00	사업운영본부 운영부	차 장	홍 길 동	경영지원본부 인사부 인사팀 근무를 명함
00	사업운영본부 운영부	차 장	홍 길 동	경영지원본부 인사부 인사팀 근무를 명함
00	사업운영본부 운영부	차 장	홍 길 동	경영지원본부 인사부 인사팀 근무를 명함
00	사업운영본부 운영부	차 장	홍 길 동	경영지원본부 인사부 인사팀 근무를 명함
00	사업운영본부 운영부	차 장	홍 길 동	경영지원본부 인사부 인사팀 근무를 명함
00	사업운영본부 운영부	차 장	홍 길 동	경영지원본부 인사부 인사팀 근무를 명함
00	사업운영본부 운영부	차 장	홍 길 동	경영지원본부 인사부 인사팀 근무를 명함
00	사업운영본부 운영부	차 장	홍 길 동	경영지원본부 인사부 인사팀 근무를 명함
00	사업운영본부 운영부	차 장	홍 길 동	경영지원본부 인사부 인사팀 근무를 명함
00	사업운영본부 운영부	차 장	홍 길 동	경영지원본부 인사부 인사팀 근무를 명함
00	사업운영본부 운영부	차 장	홍 길 동	경영지원본부 인사부 인사팀 근무를 명함
00	사업운영본부 운영부	차 장	홍 길 동	경영지원본부 인사부 인사팀 근무를 명함
00	사업운영본부 운영부	차 장	홍 길 동	경영지원본부 인사부 인사팀 근무를 명함
00	사업운영본부 운영부	차 장	홍 길 동	경영지원본부 인사부 인사팀 근무를 명함
00	사업운영본부 운영부	차 장	홍 길 동	경영지원본부 인사부 인사팀 근무를 명함
00	사업운영본부 운영부	차 장	홍 길 동	경영지원본부 인사부 인사팀 근무를 명함
00	사업운영본부 운영부	차 장	홍 길 동	경영지원본부 인사부 인사팀 근무를 명함
00	사업운영본부 운영부	차 장	홍 길 동	경영지원본부 인사부 인사팀 근무를 명함
00	사업운영본부 운영부	차 장	홍 길 동	경영지원본부 인사부 인사팀 근무를 명함
00	사업운영본부 운영부	차 장	홍 길 동	경영지원본부 인사부 인사팀 근무를 명함
00	사업운영본부 운영부	차 장	홍 길 동	경영지원본부 인사부 인사팀 근무를 명함
00	사업운영본부 운영부	차 장	홍 길 동	경영지원본부 인사부 인사팀 근무를 명함
00	사업운영본부 운영부	차 장	홍 길 동	경영지원본부 인사부 인사팀 근무를 명함
00	사업운영본부 운영부	차 장	홍 길 동	경영지원본부 인사부 인사팀 근무를 명함
00	사업운영본부 운영부	차 장	홍 길 동	경영지원본부 인사부 인사팀 근무를 명함
00	사업운영본부 운영부	차 장	홍 길 동	경영지원본부 인사부 인사팀 근무를 명함
人 事 發 令
순번	소 속	직 급	성 명	발 령 사 항
00	사업운영본부 운영부	차 장	홍 길 동	경영지원본부 인사부 인사팀 근무를 명함
00	사업운영본부 운영부	차 장	홍 길 동	경영지원본부 인사부 인사팀 근무를 명함
00	사업운영본부 운영부	차 장	홍 길 동	경영지원본부 인사부 인사팀 근무를 명함
00	사업운영본부 운영부	차 장	홍 길 동	경영지원본부 인사부 인사팀 근무를 명함
00	사업운영본부 운영부	차 장	홍 길 동	경영지원본부 인사부 인사팀 근무를 명함
00	사업운영본부 운영부	차 장	홍 길 동	경영지원본부 인사부 인사팀 근무를 명함
00	사업운영본부 운영부	차 장	홍 길 동	경영지원본부 인사부 인사팀 근무를 명함
00	사업운영본부 운영부	차 장	홍 길 동	경영지원본부 인사부 인사팀 근무를 명함
운영관리팀
00	사업운영본부 운영부	차 장	홍 길 동	경영지원본부 인사부 인사팀 근무를 명함
00	사업운영본부 운영부	차 장	홍 길 동	경영지원본부 인사부 인사팀 근무를 명함
00	사업운영본부 운영부	차 장	홍 길 동	경영지원본부 인사부 인사팀 근무를 명함
00	사업운영본부 운영부	차 장	홍 길 동	경영지원본부 인사부 인사팀 근무를 명함
00	사업운영본부 운영부	차 장	홍 길 동	경영지원본부 인사부 인사팀 근무를 명함
00	사업운영본부 운영부	차 장	홍 길 동	경영지원본부 인사부 인사팀 근무를 명함
00	사업운영본부 운영부	차 장	홍 길 동	경영지원본부 인사부 인사팀 근무를 명함
00	사업운영본부 운영부	차 장	홍 길 동	경영지원본부 인사부 인사팀 근무를 명함
00	사업운영본부 운영부	차 장	홍 길 동	경영지원본부 인사부 인사팀 근무를 명함
기술지원팀
00	사업운영본부 운영부	차 장	홍 길 동	경영지원본부 인사부 인사팀 근무를 명함
00	사업운영본부 운영부	차 장	홍 길 동	경영지원본부 인사부 인사팀 근무를 명함
00	사업운영본부 운영부	차 장	홍 길 동	경영지원본부 인사부 인사팀 근무를 명함
00	사업운영본부 운영부	차 장	홍 길 동	경영지원본부 인사부 인사팀 근무를 명함
00	사업운영본부 운영부	차 장	홍 길 동	경영지원본부 인사부 인사팀 근무를 명함
00	사업운영본부 운영부	차 장	홍 길 동	경영지원본부 인사부 인사팀 근무를 명함
00	사업운영본부 운영부	차 장	홍 길 동	경영지원본부 인사부 인사팀 근무를 명함
00	사업운영본부 운영부	차 장	홍 길 동	경영지원본부 인사부 인사팀 근무를 명함
00	사업운영본부 운영부	차 장	홍 길 동	경영지원본부 인사부 인사팀 근무를 명함
00	사업운영본부 운영부	차 장	홍 길 동	경영지원본부 인사부 인사팀 근무를 명함
00	사업운영본부 운영부	차 장	홍 길 동	경영지원본부 인사부 인사팀 근무를 명함
00	사업운영본부 운영부	차 장	홍 길 동	경영지원본부 인사부 인사팀 근무를 명함
00	사업운영본부 운영부	차 장	홍 길 동	경영지원본부 인사부 인사팀 근무를 명함
00	사업운영본부 운영부	차 장	홍 길 동	경영지원본부 인사부 인사팀 근무를 명함
00	사업운영본부 운영부	차 장	홍 길 동	경영지원본부 인사부 인사팀 근무를 명함
00	사업운영본부 운영부	차 장	홍 길 동	경영지원본부 인사부 인사팀 근무를 명함
00	사업운영본부 운영부	차 장	홍 길 동	경영지원본부 인사부 인사팀 근무를 명함
00	사업운영본부 운영부	차 장	홍 길 동	경영지원본부 인사부 인사팀 근무를 명함
00	사업운영본부 운영부	차 장	홍 길 동	경영지원본부 인사부 인사팀 근무를 명함
人 事 發 令
순번	소 속	직 급	성 명	발 령 사 항
00	사업운영본부 운영부	차 장	홍 길 동	경영지원본부 인사부 인사팀 근무를 명함
00	사업운영본부 운영부	차 장	홍 길 동	경영지원본부 인사부 인사팀 근무를 명함
00	사업운영본부 운영부	차 장	홍 길 동	경영지원본부 인사부 인사팀 근무를 명함
00	사업운영본부 운영부	차 장	홍 길 동	경영지원본부 인사부 인사팀 근무를 명함
00	사업운영본부 운영부	차 장	홍 길 동	경영지원본부 인사부 인사팀 근무를 명함
00	사업운영본부 운영부	차 장	홍 길 동	경영지원본부 인사부 인사팀 근무를 명함
00	사업운영본부 운영부	차 장	홍 길 동	경영지원본부 인사부 인사팀 근무를 명함
00	사업운영본부 운영부	차 장	홍 길 동	경영지원본부 인사부 인사팀 근무를 명함
정보보안팀
00	사업운영본부 운영부	차 장	홍 길 동	경영지원본부 인사부 인사팀 근무를 명함
00	사업운영본부 운영부	차 장	홍 길 동	경영지원본부 인사부 인사팀 근무를 명함
00	사업운영본부 운영부	차 장	홍 길 동	경영지원본부 인사부 인사팀 근무를 명함
00	사업운영본부 운영부	차 장	홍 길 동	경영지원본부 인사부 인사팀 근무를 명함
00	사업운영본부 운영부	차 장	홍 길 동	경영지원본부 인사부 인사팀 근무를 명함
00	사업운영본부 운영부	차 장	홍 길 동	경영지원본부 인사부 인사팀 근무를 명함
00	사업운영본부 운영부	차 장	홍 길 동	경영지원본부 인사부 인사팀 근무를 명함
00	사업운영본부 운영부	차 장	홍 길 동	경영지원본부 인사부 인사팀 근무를 명함
00	사업운영본부 운영부	차 장	홍 길 동	경영지원본부 인사부 인사팀 근무를 명함
00	사업운영본부 운영부	차 장	홍 길 동	경영지원본부 인사부 인사팀 근무를 명함
00	사업운영본부 운영부	차 장	홍 길 동	경영지원본부 인사부 인사팀 근무를 명함
00	사업운영본부 운영부	차 장	홍 길 동	경영지원본부 인사부 인사팀 근무를 명함
00	사업운영본부 운영부	차 장	홍 길 동	경영지원본부 인사부 인사팀 근무를 명함
00	사업운영본부 운영부	차 장	홍 길 동	경영지원본부 인사부 인사팀 근무를 명함
00	사업운영본부 운영부	차 장	홍 길 동	경영지원본부 인사부 인사팀 근무를 명함
00	사업운영본부 운영부	차 장	홍 길 동	경영지원본부 인사부 인사팀 근무를 명함
00	사업운영본부 운영부	차 장	홍 길 동	경영지원본부 인사부 인사팀 근무를 명함
00	사업운영본부 운영부	차 장	홍 길 동	경영지원본부 인사부 인사팀 근무를 명함
00	사업운영본부 운영부	차 장	홍 길 동	경영지원본부 인사부 인사팀 근무를 명함
00	사업운영본부 운영부	차 장	홍 길 동	경영지원본부 인사부 인사팀 근무를 명함
00	사업운영본부 운영부	차 장	홍 길 동	경영지원본부 인사부 인사팀 근무를 명함
00	사업운영본부 운영부	차 장	홍 길 동	경영지원본부 인사부 인사팀 근무를 명함
00	사업운영본부 운영부	차 장	홍 길 동	경영지원본부 인사부 인사팀 근무를 명함
00	사업운영본부 운영부	차 장	홍 길 동	경영지원본부 인사부 인사팀 근무를 명함
00	사업운영본부 운영부	차 장	홍 길 동	경영지원본부 인사부 인사팀 근무를 명함
00	사업운영본부 운영부	차 장	홍 길 동	경영지원본부 인사부 인사팀 근무를 명함
00	사업운영본부 운영부	차 장	홍 길 동	경영지원본부 인사부 인사팀 근무를 명함
00	사업운영본부 운영부	차 장	홍 길 동	경영지원본부 인사부 인사팀 근무를 명함
人 事 發 令
순번	소 속	직 급	성 명	발 령 사 항
00	사업운영본부 운영부	차 장	홍 길 동	경영지원본부 인사부 인사팀 근무를 명함
00	사업운영본부 운영부	차 장	홍 길 동	경영지원본부 인사부 인사팀 근무를 명함
00	사업운영본부 운영부	차 장	홍 길 동	경영지원본부 인사부 인사팀 근무를 명함
00	사업운영본부 운영부	차 장	홍 길 동	경영지원본부 인사부 인사팀 근무를 명함
00	사업운영본부 운영부	차 장	홍 길 동	경영지원본부 인사부 인사팀 근무를 명함
00	사업운영본부 운영부	차 장	홍 길 동	경영지원본부 인사부 인사팀 근무를 명함
00	사업운영본부 운영부	차 장	홍 길 동	경영지원본부 인사부 인사팀 근무를 명함
00	사업운영본부 운영부	차 장	홍 길 동	경영지원본부 인사부 인사팀 근무를 명함
감사실
00	사업운영본부 운영부	차 장	홍 길 동	경영지원본부 인사부 인사팀 근무를 명함
00	사업운영본부 운영부	차 장	홍 길 동	경영지원본부 인사부 인사팀 근무를 명함
00	사업운영본부 운영부	차 장	홍 길 동	경영지원본부 인사부 인사팀 근무를 명함
00	사업운영본부 운영부	차 장	홍 길 동	경영지원본부 인사부 인사팀 근무를 명함
00	사업운영본부 운영부	차 장	홍 길 동	경영지원본부 인사부 인사팀 근무를 명함
00	사업운영본부 운영부	차 장	홍 길 동	경영지원본부 인사부 인사팀 근무를 명함
00	사업운영본부 운영부	차 장	홍 길 동	경영지원본부 인사부 인사팀 근무를 명함
00	사업운영본부 운영부	차 장	홍 길 동	경영지원본부 인사부 인사팀 근무를 명함
00	사업운영본부 운영부	차 장	홍 길 동	경영지원본부 인사부 인사팀 근무를 명함
00	사업운영본부 운영부	차 장	홍 길 동	경영지원본부 인사부 인사팀 근무를 명함
00	사업운영본부 운영부	차 장	홍 길 동	경영지원본부 인사부 인사팀 근무를 명함
00	사업운영본부 운영부	차 장	홍 길 동	경영지원본부 인사부 인사팀 근무를 명함
00	사업운영본부 운영부	차 장	홍 길 동	경영지원본부 인사부 인사팀 근무를 명함
00	사업운영본부 운영부	차 장	홍 길 동	경영지원본부 인사부 인사팀 근무를 명함
00	사업운영본부 운영부	차 장	홍 길 동	경영지원본부 인사부 인사팀 근무를 명함
00	사업운영본부 운영부	차 장	홍 길 동	경영지원본부 인사부 인사팀 근무를 명함
00	사업운영본부 운영부	차 장	홍 길 동	경영지원본부 인사부 인사팀 근무를 명함
00	사업운영본부 운영부	차 장	홍 길 동	경영지원본부 인사부 인사팀 근무를 명함
00	사업운영본부 운영부	차 장	홍 길 동	경영지원본부 인사부 인사팀 근무를 명함
00	사업운영본부 운영부	차 장	홍 길 동	경영지원본부 인사부 인사팀 근무를 명함
00	사업운영본부 운영부	차 장	홍 길 동	경영지원본부 인사부 인사팀 근무를 명함
00	사업운영본부 운영부	차 장	홍 길 동	경영지원본부 인사부 인사팀 근무를 명함
00	사업운영본부 운영부	차 장	홍 길 동	경영지원본부 인사부 인사팀 근무를 명함
00	사업운영본부 운영부	차 장	홍 길 동	경영지원본부 인사부 인사팀 근무를 명함
00	사업운영본부 운영부	차 장	홍 길 동	경영지원본부 인사부 인사팀 근무를 명함
00	사업운영본부 운영부	차 장	홍 길 동	경영지원본부 인사부 인사팀 근무를 명함
00	사업운영본부 운영부	차 장	홍 길 동	경영지원본부 인사부 인사팀 근무를 명함
00	사업운영본부 운영부	차 장	홍 길 동	경영지원본부 인사부 인사팀 근무를 명함
人 事 發 令
순번	소 속	직 급	성 명	발 령 사 항
00	사업운영본부 운영부	차 장	홍 길 동	경영지원본부 인사부 인사팀 근무를 명함
00	사업운영본부 운영부	차 장	홍 길 동	경영지원본부 인사부 인사팀 근무를 명함
00	사업운영본부 운영부	차 장	홍 길 동	경영지원본부 인사부 인사팀 근무를 명함
00	사업운영본부 운영부	차 장	홍 길 동	경영지원본부 인사부 인사팀 근무를 명함
00	사업운영본부 운영부	차 장	홍 길 동	경영지원본부 인사부 인사팀 근무를 명함
00	사업운영본부 운영부	차 장	홍 길 동	경영지원본부 인사부 인사팀 근무를 명함
00	사업운영본부 운영부	차 장	홍 길 동	경영지원본부 인사부 인사팀 근무를 명함
00	사업운영본부 운영부	차 장	홍 길 동	경영지원본부 인사부 인사팀 근무를 명함
법무팀
00	사업운영본부 운영부	차 장	홍 길 동	경영지원본부 인사부 인사팀 근무를 명함
00	사업운영본부 운영부	차 장	홍 길 동	경영지원본부 인사부 인사팀 근무를 명함
00	사업운영본부 운영부	차 장	홍 길 동	경영지원본부 인사부 인사팀 근무를 명함
00	사업운영본부 운영부	차 장	홍 길 동	경영지원본부 인사부 인사팀 근무를 명함
00	사업운영본부 운영부	차 장	홍 길 동	경영지원본부 인사부 인사팀 근무를 명함
00	사업운영본부 운영부	차 장	홍 길 동	경영지원본부 인사부 인사팀 근무를 명함
00	사업운영본부 운영부	차 장	홍 길 동	경영지원본부 인사부 인사팀 근무를 명함
00	사업운영본부 운영부	차 장	홍 길 동	경영지원본부 인사부 인사팀 근무를 명함
00	사업운영본부 운영부	차 장	홍 길 동	경영지원본부 인사부 인사팀 근무를 명함
00	사업운영본부 운영부	차 장	홍 길 동	경영지원본부 인사부 인사팀 근무를 명함
00	사업운영본부 운영부	차 장	홍 길 동	경영지원본부 인사부 인사팀 근무를 명함
00	사업운영본부 운영부	차 장	홍 길 동	경영지원본부 인사부 인사팀 근무를 명함
00	사업운영본부 운영부	차 장	홍 길 동	경영지원본부 인사부 인사팀 근무를 명함
00	사업운영본부 운영부	차 장	홍 길 동	경영지원본부 인사부 인사팀 근무를 명함
00	사업운영본부 운영부	차 장	홍 길 동	경영지원본부 인사부 인사팀 근무를 명함
00	사업운영본부 운영부	차 장	홍 길 동	경영지원본부 인사부 인사팀 근무를 명함
00	사업운영본부 운영부	차 장	홍 길 동	경영지원본부 인사부 인사팀 근무를 명함
00	사업운영본부 운영부	차 장	홍 길 동	경영지원본부 인사부 인사팀 근무를 명함
00	사업운영본부 운영부	차 장	홍 길 동	경영지원본부 인사부 인사팀 근무를 명함
00	사업운영본부 운영부	차 장	홍 길 동	경영지원본부 인사부 인사팀 근무를 명함
00	사업운영본부 운영부	차 장	홍 길 동	경영지원본부 인사부 인사팀 근무를 명함
00	사업운영본부 운영부	차 장	홍 길 동	경영지원본부 인사부 인사팀 근무를 명함
00	사업운영본부 운영부	차 장	홍 길 동	경영지원본부 인사부 인사팀 근무를 명함
00	사업운영본부 운영부	차 장	홍 길 동	경영지원본부 인사부 인사팀 근무를 명함
00	사업운영본부 운영부	차 장	홍 길 동	경영지원본부 인사부 인사팀 근무를 명함
00	사업운영본부 운영부	차 장	홍 길 동	경영지원본부 인사부 인사팀 근무를 명함
00	사업운영본부 운영부	차 장	홍 길 동	경영지원본부 인사부 인사팀 근무를 명함
00	사업운영본부 운영부	차 장	홍 길 동	경영지원본부 인사부 인사팀 근무를 명함
◆ 전보 발령 기준일: 2020년 7월 1일
